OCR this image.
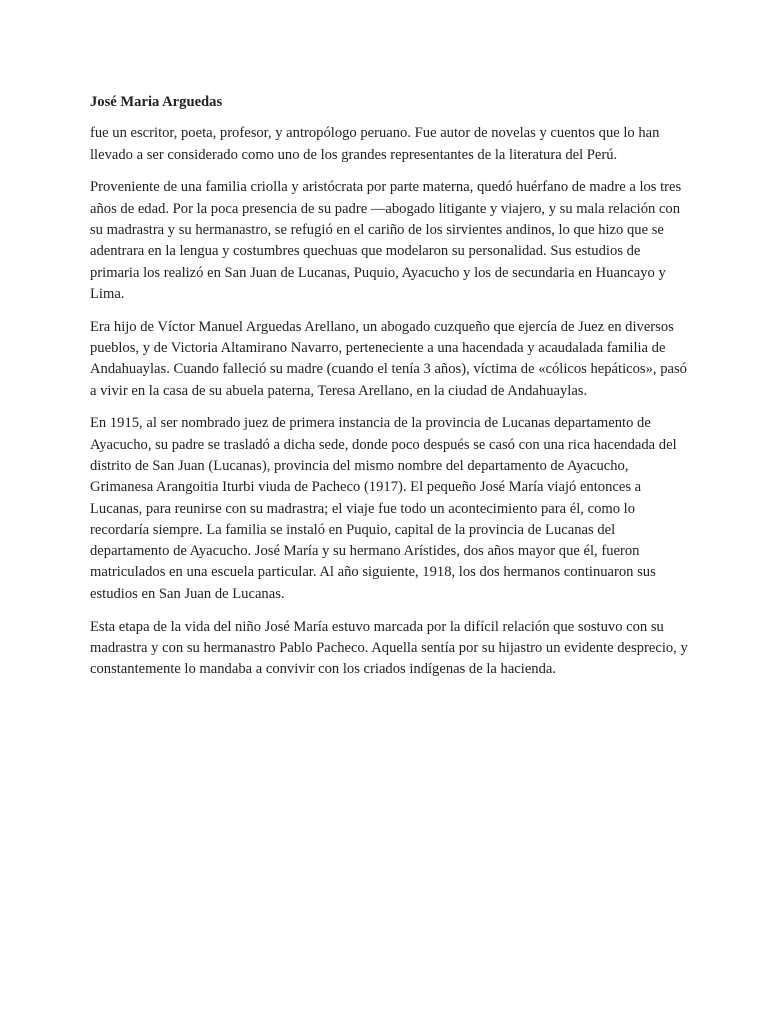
José Maria Arguedas

fue un escritor, poeta, profesor, y antropólogo peruano. Fue autor de novelas y cuentos que lo han llevado a ser considerado como uno de los grandes representantes de la literatura del Perú.

Proveniente de una familia criolla y aristócrata por parte materna, quedó huérfano de madre a los tres años de edad. Por la poca presencia de su padre —abogado litigante y viajero, y su mala relación con su madrastra y su hermanastro, se refugió en el cariño de los sirvientes andinos, lo que hizo que se adentrara en la lengua y costumbres quechuas que modelaron su personalidad. Sus estudios de primaria los realizó en San Juan de Lucanas, Puquio, Ayacucho y los de secundaria en Huancayo y Lima.

Era hijo de Víctor Manuel Arguedas Arellano, un abogado cuzqueño que ejercía de Juez en diversos pueblos, y de Victoria Altamirano Navarro, perteneciente a una hacendada y acaudalada familia de Andahuaylas. Cuando falleció su madre (cuando el tenía 3 años), víctima de «cólicos hepáticos», pasó a vivir en la casa de su abuela paterna, Teresa Arellano, en la ciudad de Andahuaylas.

En 1915, al ser nombrado juez de primera instancia de la provincia de Lucanas departamento de Ayacucho, su padre se trasladó a dicha sede, donde poco después se casó con una rica hacendada del distrito de San Juan (Lucanas), provincia del mismo nombre del departamento de Ayacucho, Grimanesa Arangoitia Iturbi viuda de Pacheco (1917). El pequeño José María viajó entonces a Lucanas, para reunirse con su madrastra; el viaje fue todo un acontecimiento para él, como lo recordaría siempre. La familia se instaló en Puquio, capital de la provincia de Lucanas del departamento de Ayacucho. José María y su hermano Arístides, dos años mayor que él, fueron matriculados en una escuela particular. Al año siguiente, 1918, los dos hermanos continuaron sus estudios en San Juan de Lucanas.

Esta etapa de la vida del niño José María estuvo marcada por la difícil relación que sostuvo con su madrastra y con su hermanastro Pablo Pacheco. Aquella sentía por su hijastro un evidente desprecio, y constantemente lo mandaba a convivir con los criados indígenas de la hacienda.
